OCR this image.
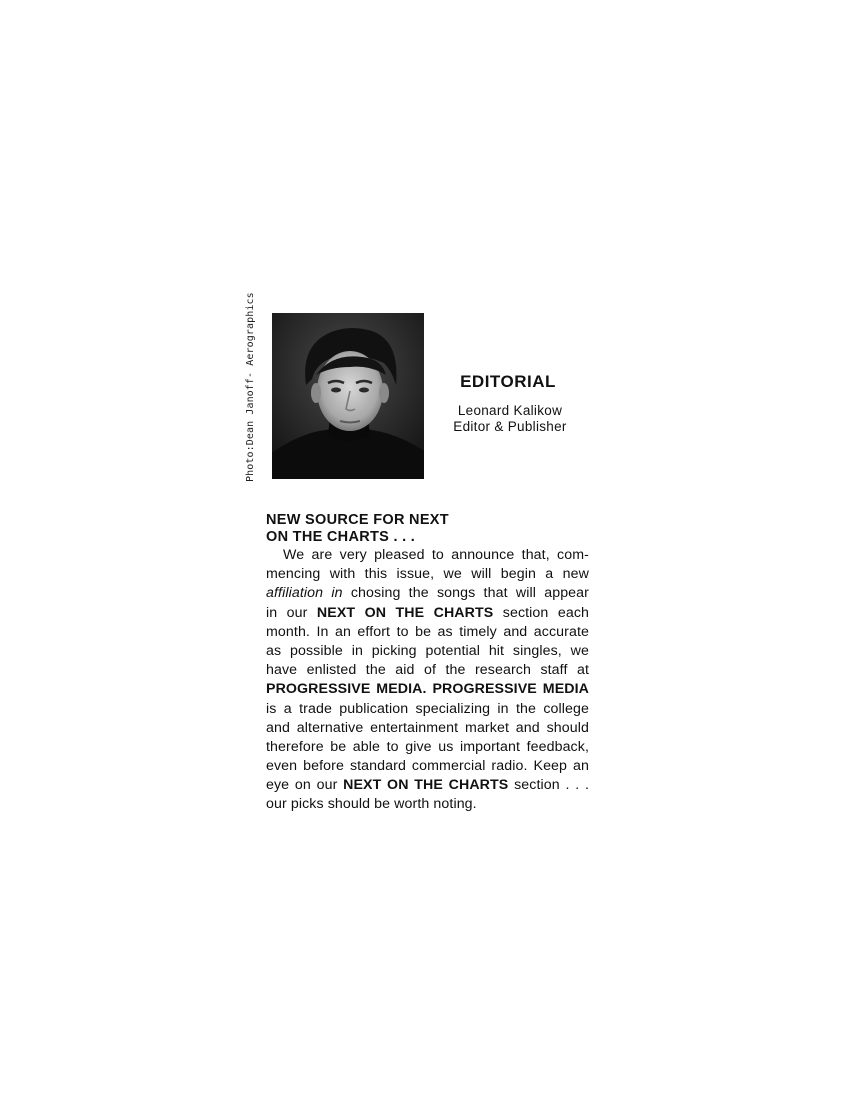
Photo:Dean Janoff- Aerographics	EDITORIAL
Leonard Kalikow
Editor & Publisher
NEW SOURCE FOR NEXT
ON THE CHARTS . . .
We are very pleased to announce that, com-
mencing with this issue, we will begin a new
affiliation in chosing the songs that will appear
in our NEXT ON THE CHARTS section each
month. In an effort to be as timely and accurate
as possible in picking potential hit singles, we
have enlisted the aid of the research staff at
PROGRESSIVE MEDIA. PROGRESSIVE MEDIA
is a trade publication specializing in the college
and alternative entertainment market and should
therefore be able to give us important feedback,
even before standard commercial radio. Keep an
eye on our NEXT ON THE CHARTS section . . .
our picks should be worth noting.
